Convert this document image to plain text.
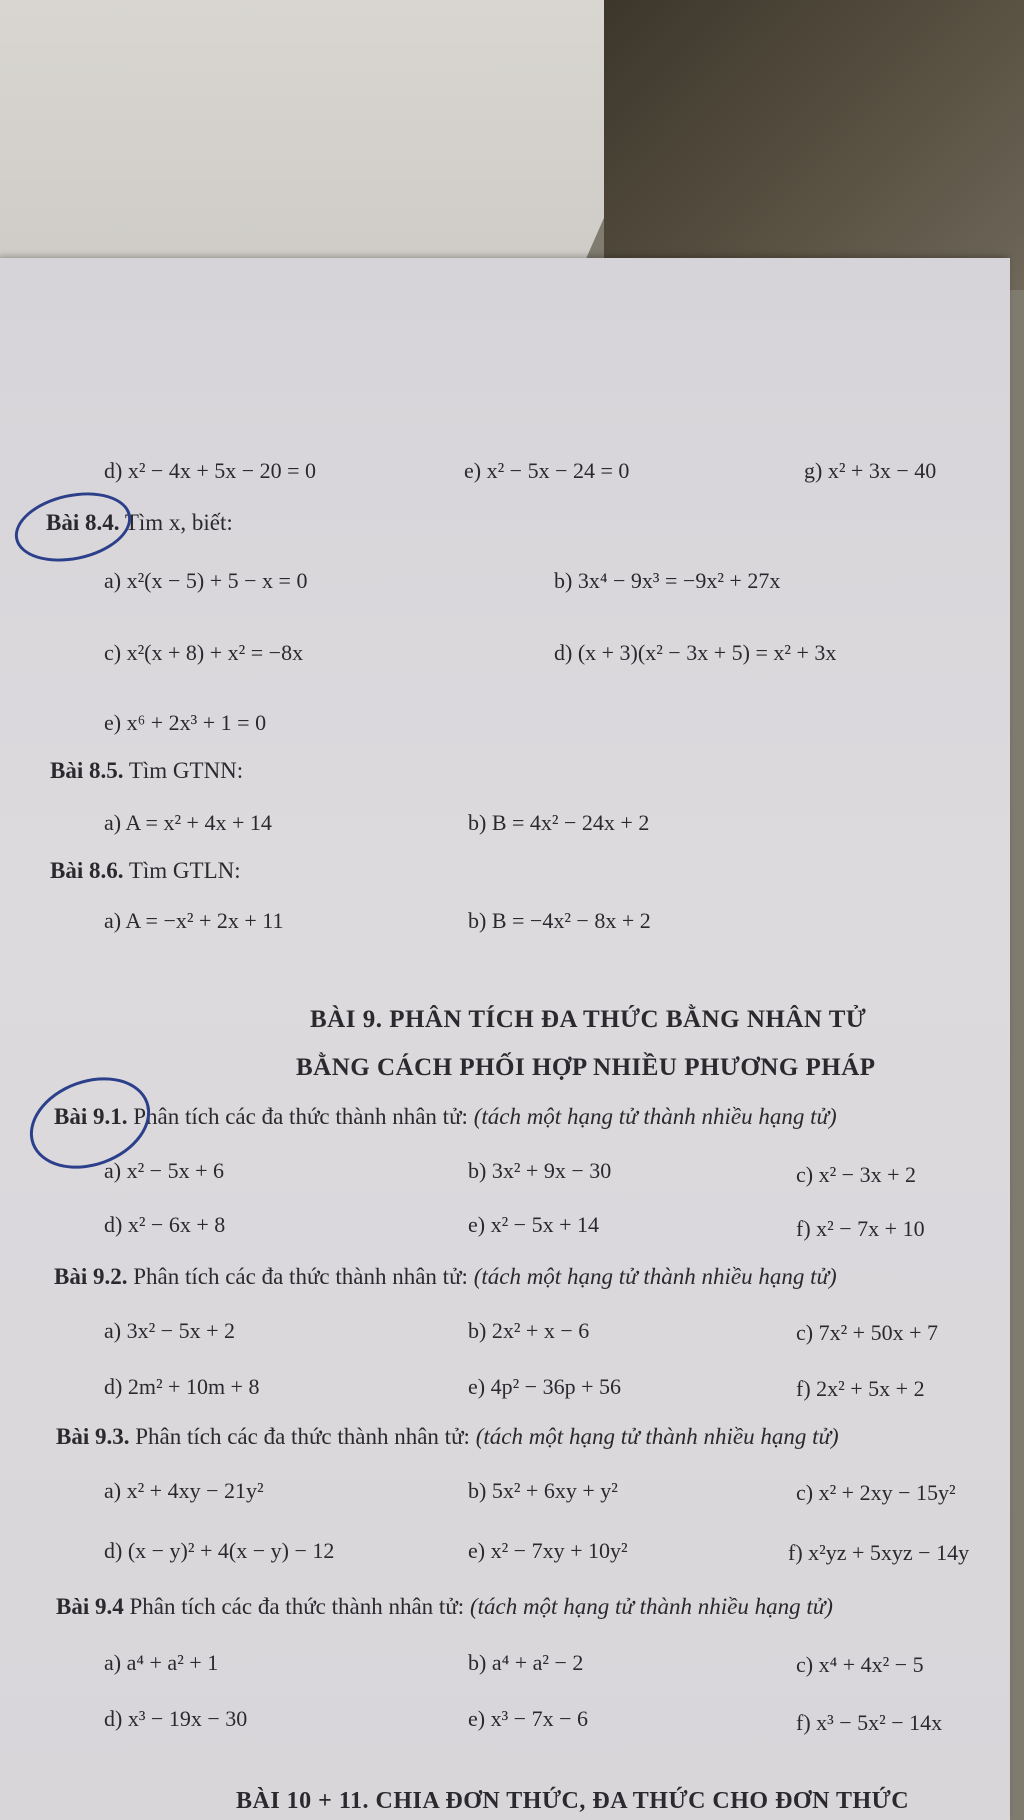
d) x² − 4x + 5x − 20 = 0	e) x² − 5x − 24 = 0	g) x² + 3x − 40
Bài 8.4. Tìm x, biết:
a) x²(x − 5) + 5 − x = 0	b) 3x⁴ − 9x³ = −9x² + 27x
c) x²(x + 8) + x² = −8x	d) (x + 3)(x² − 3x + 5) = x² + 3x
e) x⁶ + 2x³ + 1 = 0
Bài 8.5. Tìm GTNN:
a) A = x² + 4x + 14	b) B = 4x² − 24x + 2
Bài 8.6. Tìm GTLN:
a) A = −x² + 2x + 11	b) B = −4x² − 8x + 2
BÀI 9. PHÂN TÍCH ĐA THỨC BẰNG NHÂN TỬ
BẰNG CÁCH PHỐI HỢP NHIỀU PHƯƠNG PHÁP
Bài 9.1. Phân tích các đa thức thành nhân tử: (tách một hạng tử thành nhiều hạng tử)
a) x² − 5x + 6	b) 3x² + 9x − 30	c) x² − 3x + 2
d) x² − 6x + 8	e) x² − 5x + 14	f) x² − 7x + 10
Bài 9.2. Phân tích các đa thức thành nhân tử: (tách một hạng tử thành nhiều hạng tử)
a) 3x² − 5x + 2	b) 2x² + x − 6	c) 7x² + 50x + 7
d) 2m² + 10m + 8	e) 4p² − 36p + 56	f) 2x² + 5x + 2
Bài 9.3. Phân tích các đa thức thành nhân tử: (tách một hạng tử thành nhiều hạng tử)
a) x² + 4xy − 21y²	b) 5x² + 6xy + y²	c) x² + 2xy − 15y²
d) (x − y)² + 4(x − y) − 12	e) x² − 7xy + 10y²	f) x²yz + 5xyz − 14y
Bài 9.4 Phân tích các đa thức thành nhân tử: (tách một hạng tử thành nhiều hạng tử)
a) a⁴ + a² + 1	b) a⁴ + a² − 2	c) x⁴ + 4x² − 5
d) x³ − 19x − 30	e) x³ − 7x − 6	f) x³ − 5x² − 14x
BÀI 10 + 11. CHIA ĐƠN THỨC, ĐA THỨC CHO ĐƠN THỨC
